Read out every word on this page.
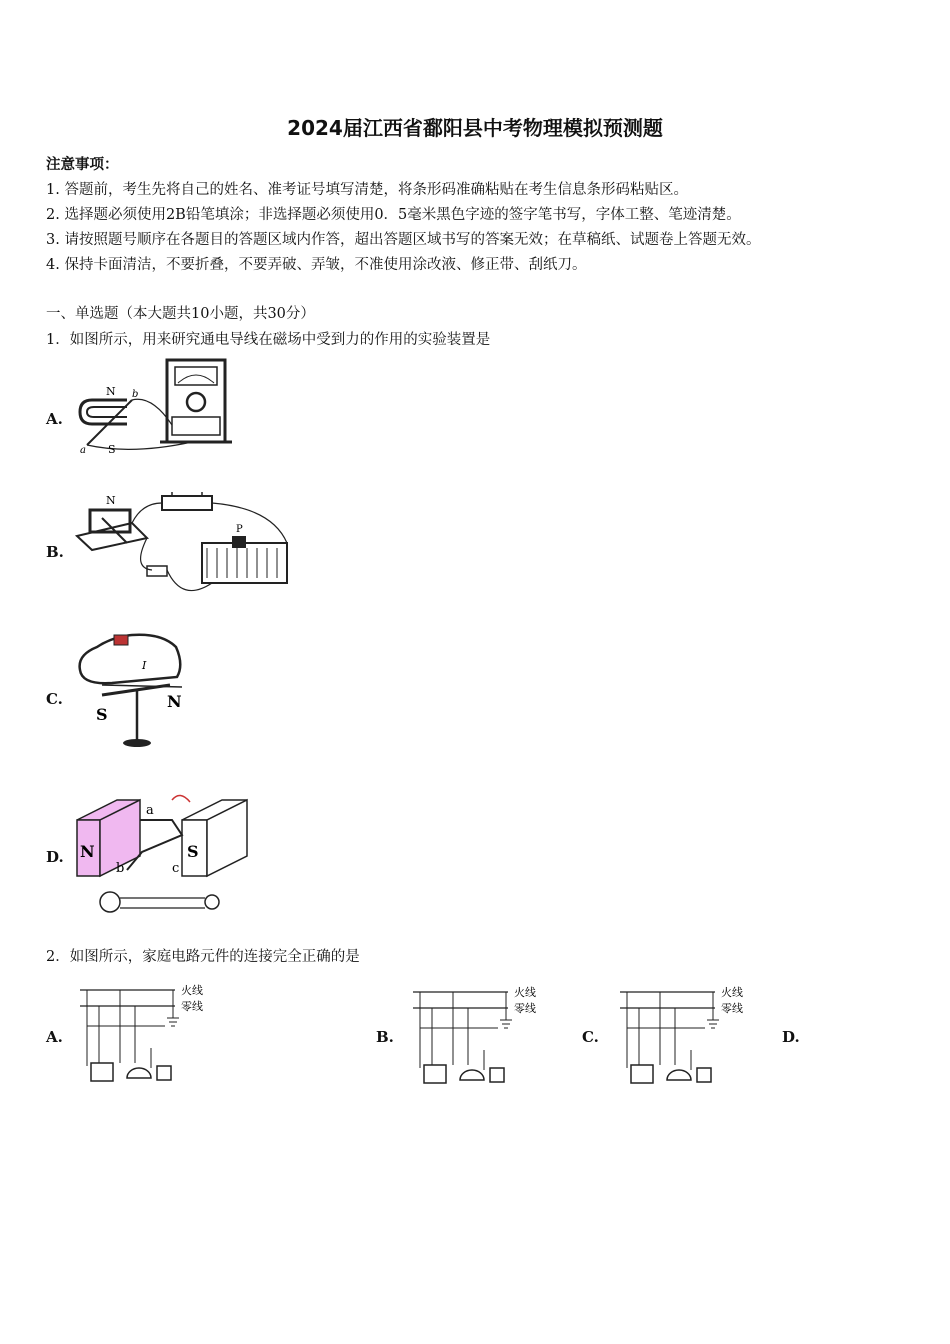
2024届江西省鄱阳县中考物理模拟预测题
注意事项：
1. 答题前，考生先将自己的姓名、准考证号填写清楚，将条形码准确粘贴在考生信息条形码粘贴区。
2. 选择题必须使用2B铅笔填涂；非选择题必须使用0．5毫米黑色字迹的签字笔书写，字体工整、笔迹清楚。
3. 请按照题号顺序在各题目的答题区域内作答，超出答题区域书写的答案无效；在草稿纸、试题卷上答题无效。
4. 保持卡面清洁，不要折叠，不要弄破、弄皱，不准使用涂改液、修正带、刮纸刀。
一、单选题（本大题共10小题，共30分）
1．如图所示，用来研究通电导线在磁场中受到力的作用的实验装置是
A.
N
S
a
b
B.
N
P
C.
S
N
I
D. N	S
a
b	c
2．如图所示，家庭电路元件的连接完全正确的是
A.
火线
零线
B.
火线
零线
C.
火线
零线
D.
